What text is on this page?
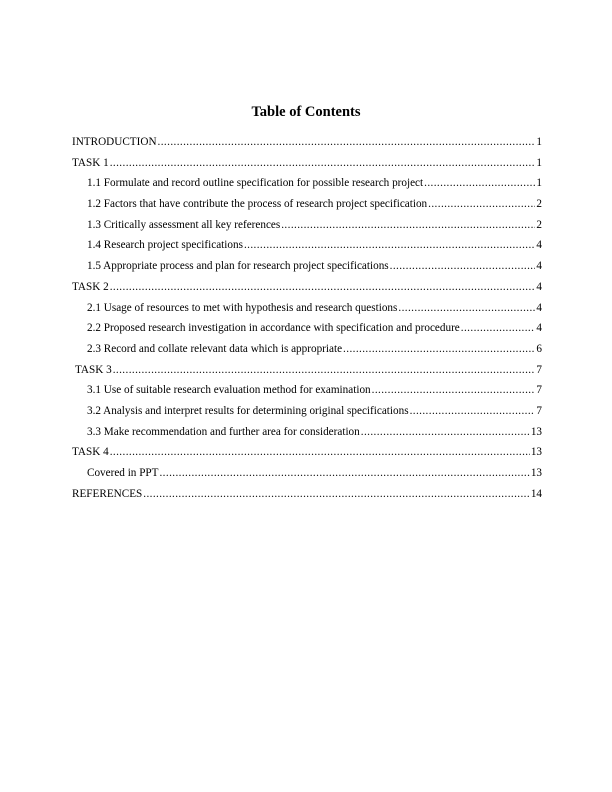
Table of Contents
INTRODUCTION .....	1
TASK 1 .....	1
1.1 Formulate and record outline specification for possible research project .....	1
1.2 Factors that have contribute the process of research project specification .....	2
1.3 Critically assessment all key references .....	2
1.4 Research project specifications .....	4
1.5 Appropriate process and plan for research project specifications .....	4
TASK 2 .....	4
2.1 Usage of resources to met with hypothesis and research questions .....	4
2.2 Proposed research investigation in accordance with specification and procedure .....	4
2.3 Record and collate relevant data which is appropriate .....	6
TASK 3 .....	7
3.1 Use of suitable research evaluation method for examination .....	7
3.2 Analysis and interpret results for determining original specifications .....	7
3.3 Make recommendation and further area for consideration .....	13
TASK 4 .....	13
Covered in PPT .....	13
REFERENCES .....	14
